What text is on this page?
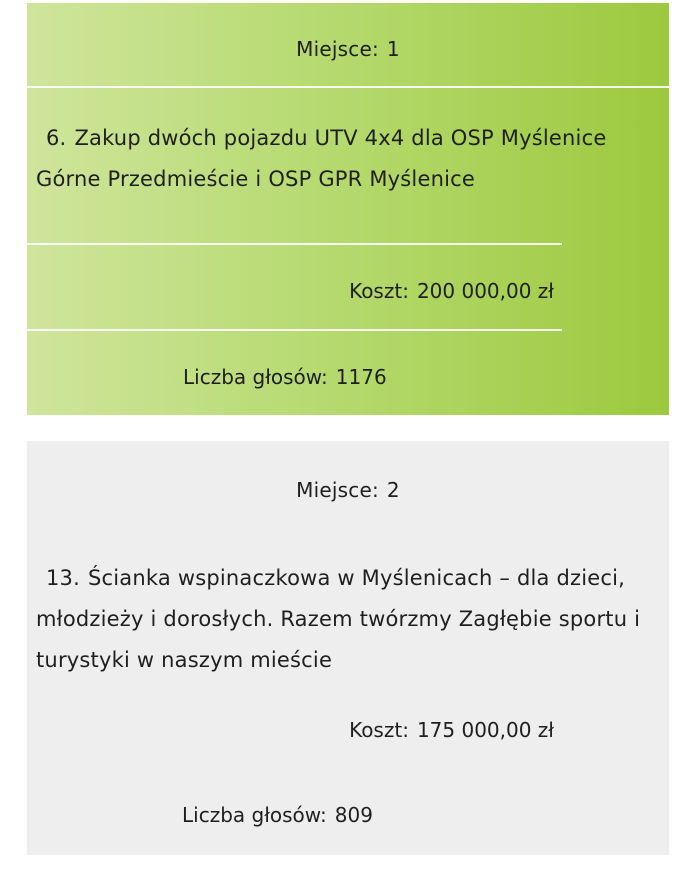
Miejsce: 1
6. Zakup dwóch pojazdu UTV 4x4 dla OSP Myślenice Górne Przedmieście i OSP GPR Myślenice
Koszt: 200 000,00 zł
Liczba głosów: 1176
Miejsce: 2
13. Ścianka wspinaczkowa w Myślenicach – dla dzieci, młodzieży i dorosłych. Razem twórzmy Zagłębie sportu i turystyki w naszym mieście
Koszt: 175 000,00 zł
Liczba głosów: 809
